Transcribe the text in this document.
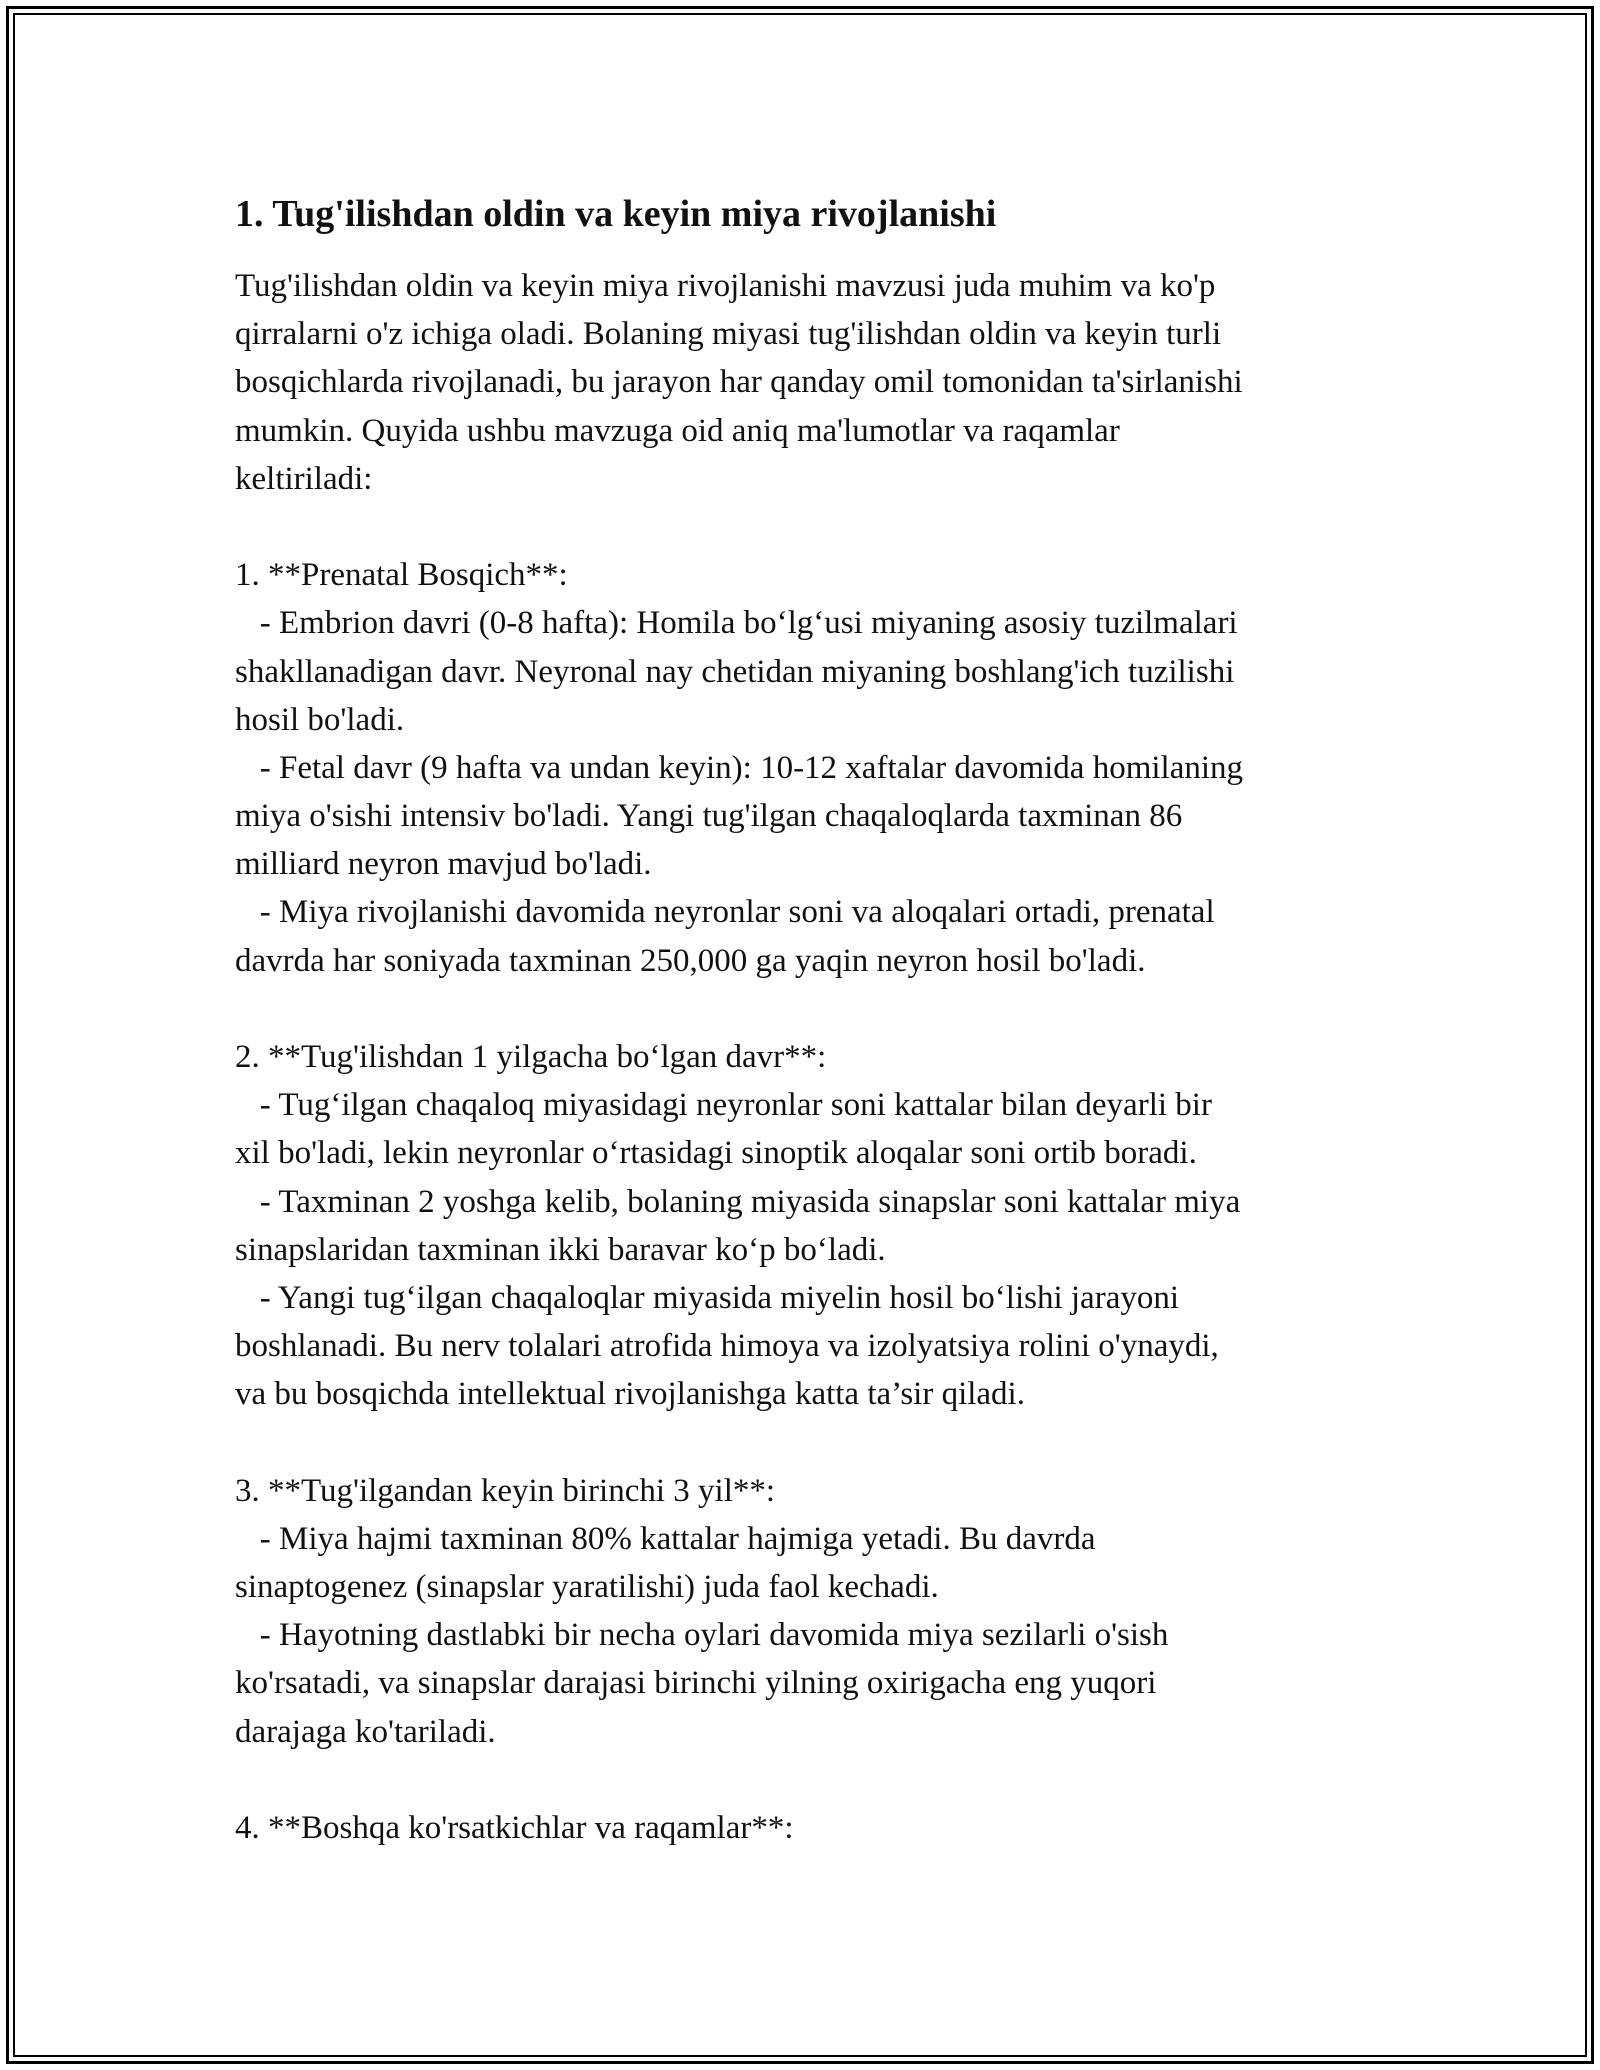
1. Tug'ilishdan oldin va keyin miya rivojlanishi
Tug'ilishdan oldin va keyin miya rivojlanishi mavzusi juda muhim va ko'p
qirralarni o'z ichiga oladi. Bolaning miyasi tug'ilishdan oldin va keyin turli
bosqichlarda rivojlanadi, bu jarayon har qanday omil tomonidan ta'sirlanishi
mumkin. Quyida ushbu mavzuga oid aniq ma'lumotlar va raqamlar
keltiriladi:
1. **Prenatal Bosqich**:
- Embrion davri (0-8 hafta): Homila bo‘lg‘usi miyaning asosiy tuzilmalari
shakllanadigan davr. Neyronal nay chetidan miyaning boshlang'ich tuzilishi
hosil bo'ladi.
- Fetal davr (9 hafta va undan keyin): 10-12 xaftalar davomida homilaning
miya o'sishi intensiv bo'ladi. Yangi tug'ilgan chaqaloqlarda taxminan 86
milliard neyron mavjud bo'ladi.
- Miya rivojlanishi davomida neyronlar soni va aloqalari ortadi, prenatal
davrda har soniyada taxminan 250,000 ga yaqin neyron hosil bo'ladi.
2. **Tug'ilishdan 1 yilgacha bo‘lgan davr**:
- Tug‘ilgan chaqaloq miyasidagi neyronlar soni kattalar bilan deyarli bir
xil bo'ladi, lekin neyronlar o‘rtasidagi sinoptik aloqalar soni ortib boradi.
- Taxminan 2 yoshga kelib, bolaning miyasida sinapslar soni kattalar miya
sinapslaridan taxminan ikki baravar ko‘p bo‘ladi.
- Yangi tug‘ilgan chaqaloqlar miyasida miyelin hosil bo‘lishi jarayoni
boshlanadi. Bu nerv tolalari atrofida himoya va izolyatsiya rolini o'ynaydi,
va bu bosqichda intellektual rivojlanishga katta ta’sir qiladi.
3. **Tug'ilgandan keyin birinchi 3 yil**:
- Miya hajmi taxminan 80% kattalar hajmiga yetadi. Bu davrda
sinaptogenez (sinapslar yaratilishi) juda faol kechadi.
- Hayotning dastlabki bir necha oylari davomida miya sezilarli o'sish
ko'rsatadi, va sinapslar darajasi birinchi yilning oxirigacha eng yuqori
darajaga ko'tariladi.
4. **Boshqa ko'rsatkichlar va raqamlar**:
